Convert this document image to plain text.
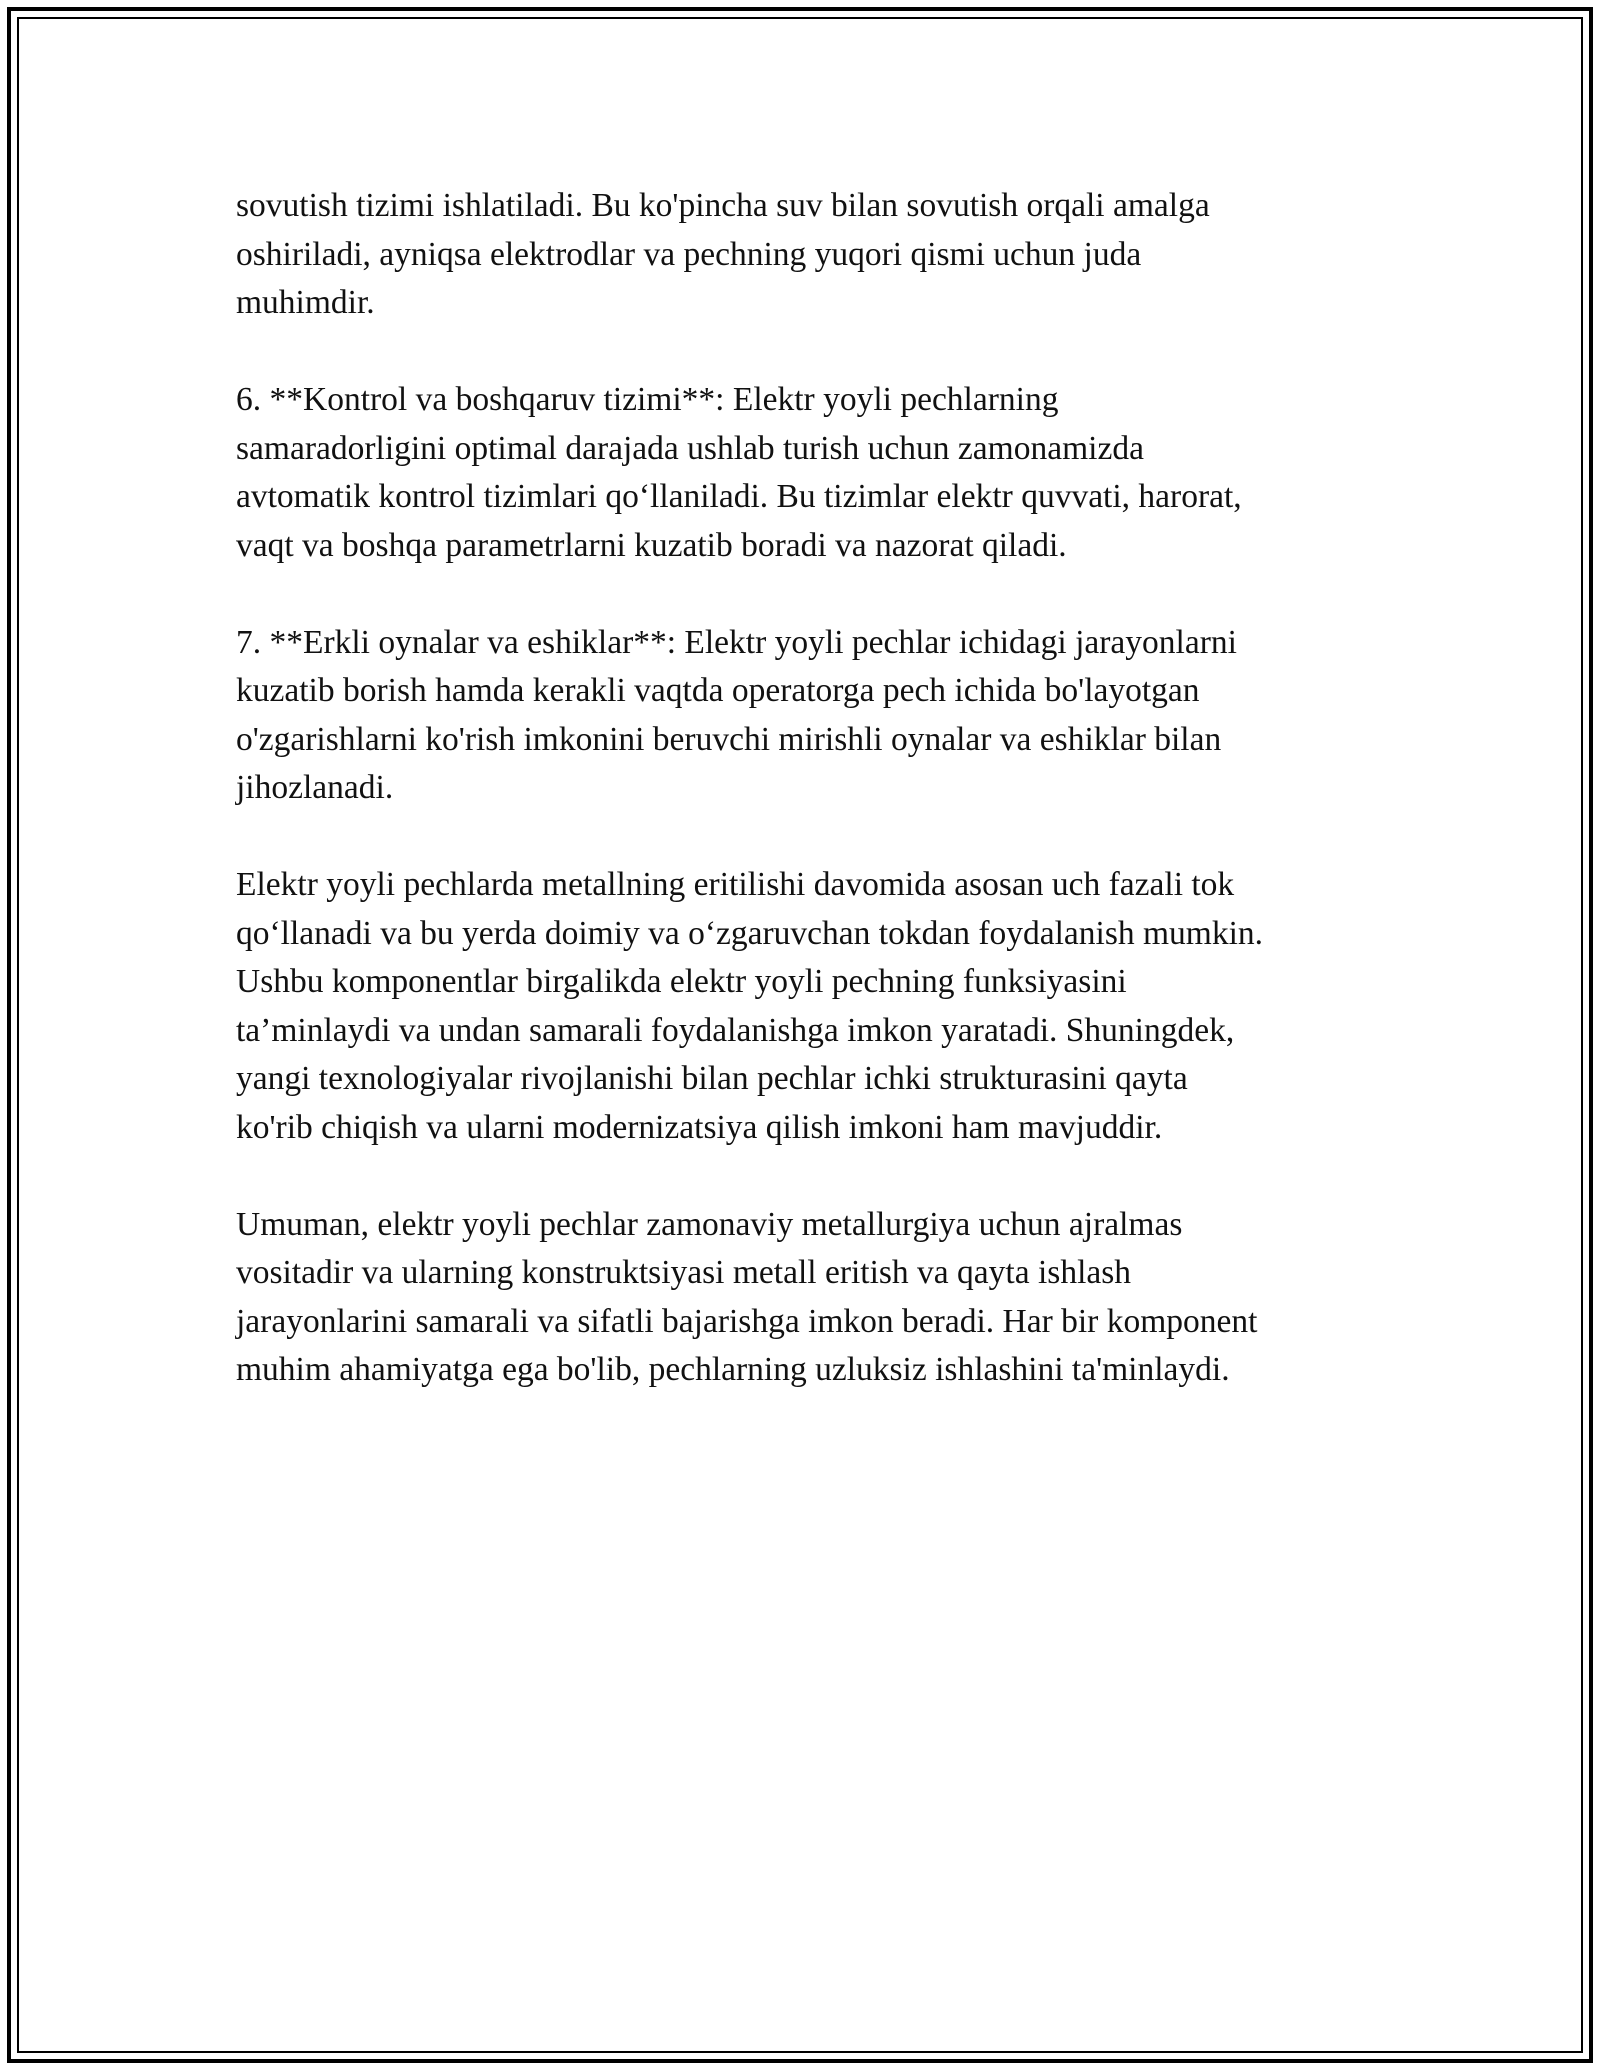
sovutish tizimi ishlatiladi. Bu ko'pincha suv bilan sovutish orqali amalga
oshiriladi, ayniqsa elektrodlar va pechning yuqori qismi uchun juda
muhimdir.

6. **Kontrol va boshqaruv tizimi**: Elektr yoyli pechlarning
samaradorligini optimal darajada ushlab turish uchun zamonamizda
avtomatik kontrol tizimlari qo‘llaniladi. Bu tizimlar elektr quvvati, harorat,
vaqt va boshqa parametrlarni kuzatib boradi va nazorat qiladi.

7. **Erkli oynalar va eshiklar**: Elektr yoyli pechlar ichidagi jarayonlarni
kuzatib borish hamda kerakli vaqtda operatorga pech ichida bo'layotgan
o'zgarishlarni ko'rish imkonini beruvchi mirishli oynalar va eshiklar bilan
jihozlanadi.

Elektr yoyli pechlarda metallning eritilishi davomida asosan uch fazali tok
qo‘llanadi va bu yerda doimiy va o‘zgaruvchan tokdan foydalanish mumkin.
Ushbu komponentlar birgalikda elektr yoyli pechning funksiyasini
ta’minlaydi va undan samarali foydalanishga imkon yaratadi. Shuningdek,
yangi texnologiyalar rivojlanishi bilan pechlar ichki strukturasini qayta
ko'rib chiqish va ularni modernizatsiya qilish imkoni ham mavjuddir.

Umuman, elektr yoyli pechlar zamonaviy metallurgiya uchun ajralmas
vositadir va ularning konstruktsiyasi metall eritish va qayta ishlash
jarayonlarini samarali va sifatli bajarishga imkon beradi. Har bir komponent
muhim ahamiyatga ega bo'lib, pechlarning uzluksiz ishlashini ta'minlaydi.
